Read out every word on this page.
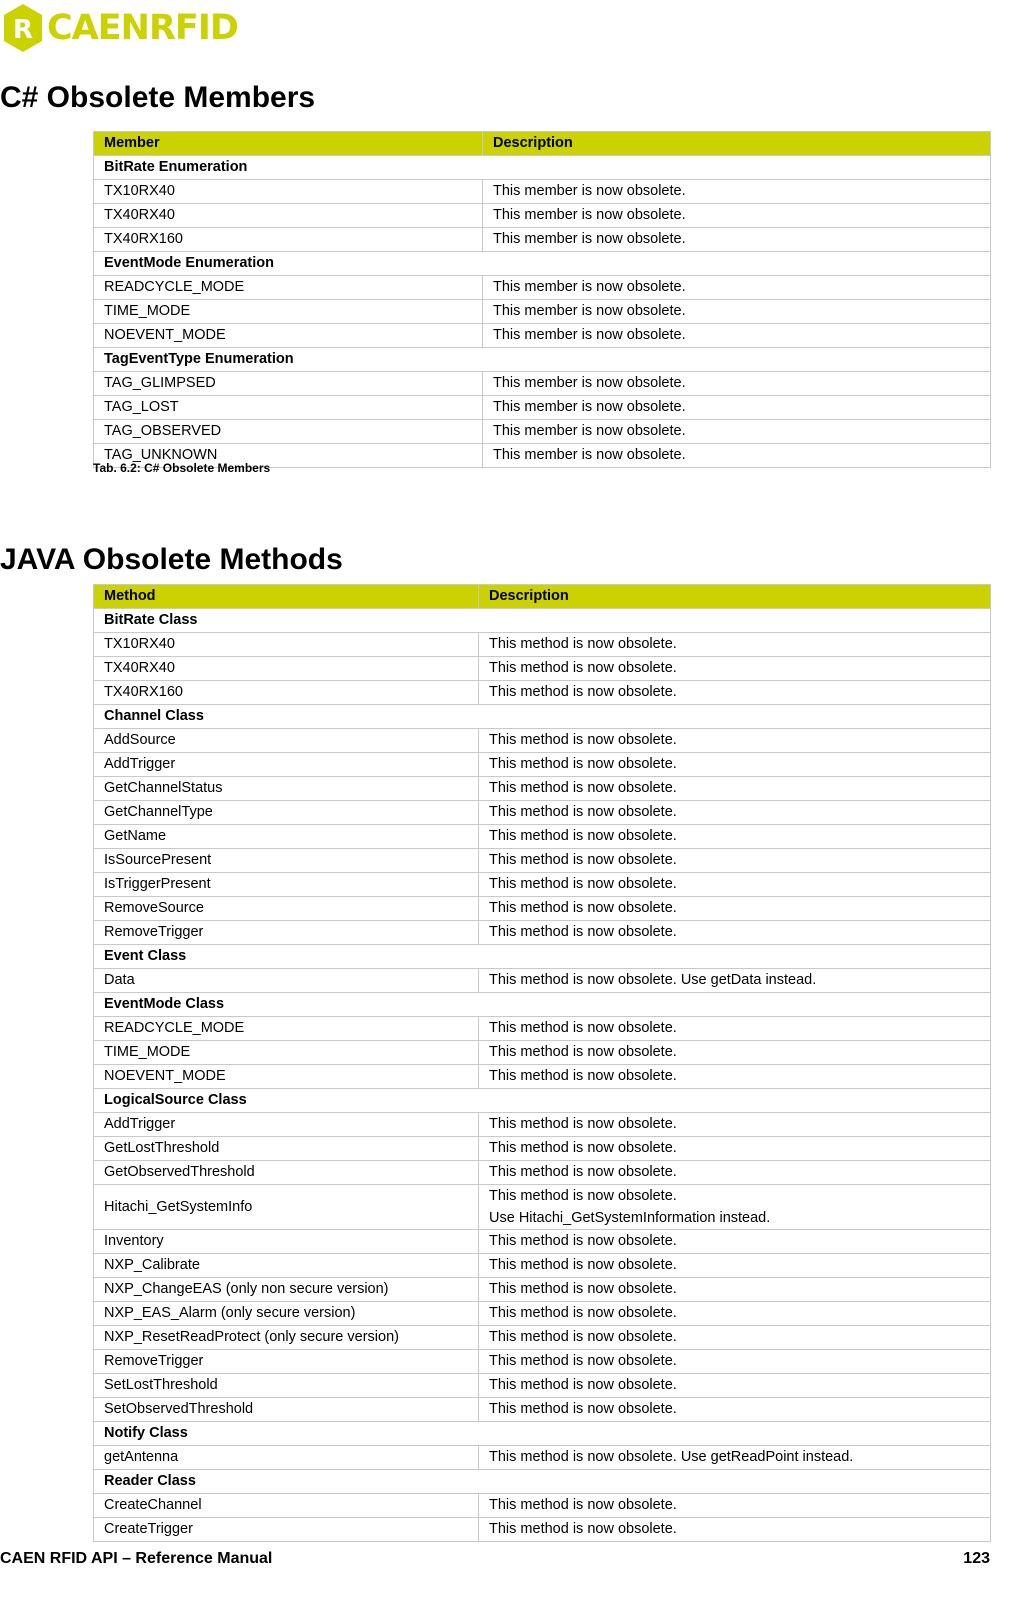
R CAENRFID
C# Obsolete Members
Member	Description
BitRate Enumeration	
TX10RX40	This member is now obsolete.
TX40RX40	This member is now obsolete.
TX40RX160	This member is now obsolete.
EventMode Enumeration	
READCYCLE_MODE	This member is now obsolete.
TIME_MODE	This member is now obsolete.
NOEVENT_MODE	This member is now obsolete.
TagEventType Enumeration	
TAG_GLIMPSED	This member is now obsolete.
TAG_LOST	This member is now obsolete.
TAG_OBSERVED	This member is now obsolete.
TAG_UNKNOWN	This member is now obsolete.
Tab. 6.2: C# Obsolete Members
JAVA Obsolete Methods
Method	Description
BitRate Class	
TX10RX40	This method is now obsolete.
TX40RX40	This method is now obsolete.
TX40RX160	This method is now obsolete.
Channel Class	
AddSource	This method is now obsolete.
AddTrigger	This method is now obsolete.
GetChannelStatus	This method is now obsolete.
GetChannelType	This method is now obsolete.
GetName	This method is now obsolete.
IsSourcePresent	This method is now obsolete.
IsTriggerPresent	This method is now obsolete.
RemoveSource	This method is now obsolete.
RemoveTrigger	This method is now obsolete.
Event Class	
Data	This method is now obsolete. Use getData instead.
EventMode Class	
READCYCLE_MODE	This method is now obsolete.
TIME_MODE	This method is now obsolete.
NOEVENT_MODE	This method is now obsolete.
LogicalSource Class	
AddTrigger	This method is now obsolete.
GetLostThreshold	This method is now obsolete.
GetObservedThreshold	This method is now obsolete.
Hitachi_GetSystemInfo	This method is now obsolete.
Use Hitachi_GetSystemInformation instead.

Inventory	This method is now obsolete.
NXP_Calibrate	This method is now obsolete.
NXP_ChangeEAS (only non secure version)	This method is now obsolete.
NXP_EAS_Alarm (only secure version)	This method is now obsolete.
NXP_ResetReadProtect (only secure version)	This method is now obsolete.
RemoveTrigger	This method is now obsolete.
SetLostThreshold	This method is now obsolete.
SetObservedThreshold	This method is now obsolete.
Notify Class	
getAntenna	This method is now obsolete. Use getReadPoint instead.
Reader Class	
CreateChannel	This method is now obsolete.
CreateTrigger	This method is now obsolete.
CAEN RFID API – Reference Manual	123
